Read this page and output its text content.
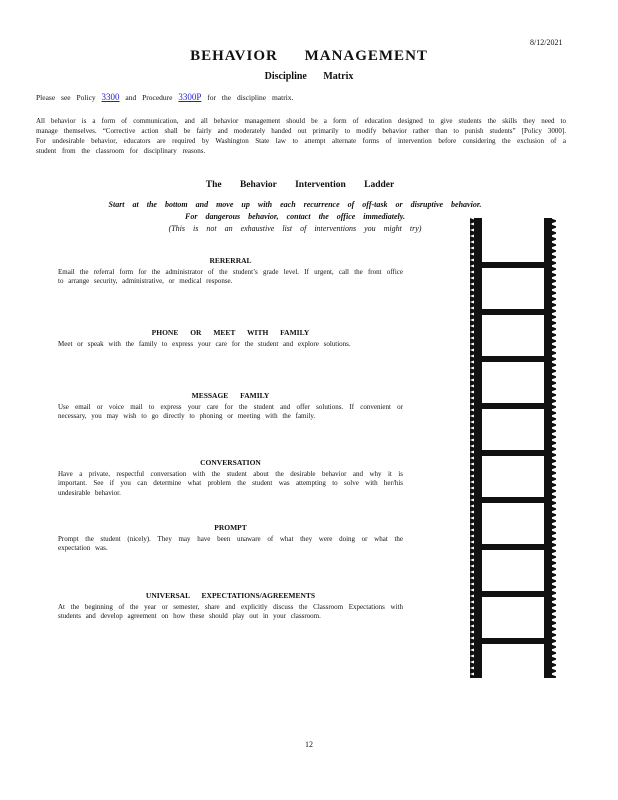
8/12/2021
BEHAVIOR MANAGEMENT
Discipline Matrix
Please see Policy 3300 and Procedure 3300P for the discipline matrix.
All behavior is a form of communication, and all behavior management should be a form of education designed to give students the skills they need to manage themselves. “Corrective action shall be fairly and moderately handed out primarily to modify behavior rather than to punish students” [Policy 3000]. For undesirable behavior, educators are required by Washington State law to attempt alternate forms of intervention before considering the exclusion of a student from the classroom for disciplinary reasons.
The Behavior Intervention Ladder
Start at the bottom and move up with each recurrence of off-task or disruptive behavior.
For dangerous behavior, contact the office immediately.
(This is not an exhaustive list of interventions you might try)
RERERRAL
Email the referral form for the administrator of the student’s grade level. If urgent, call the front office to arrange security, administrative, or medical response.
PHONE OR MEET WITH FAMILY
Meet or speak with the family to express your care for the student and explore solutions.
MESSAGE FAMILY
Use email or voice mail to express your care for the student and offer solutions. If convenient or necessary, you may wish to go directly to phoning or meeting with the family.
CONVERSATION
Have a private, respectful conversation with the student about the desirable behavior and why it is important. See if you can determine what problem the student was attempting to solve with her/his undesirable behavior.
PROMPT
Prompt the student (nicely). They may have been unaware of what they were doing or what the expectation was.
UNIVERSAL EXPECTATIONS/AGREEMENTS
At the beginning of the year or semester, share and explicitly discuss the Classroom Expectations with students and develop agreement on how these should play out in your classroom.
12
